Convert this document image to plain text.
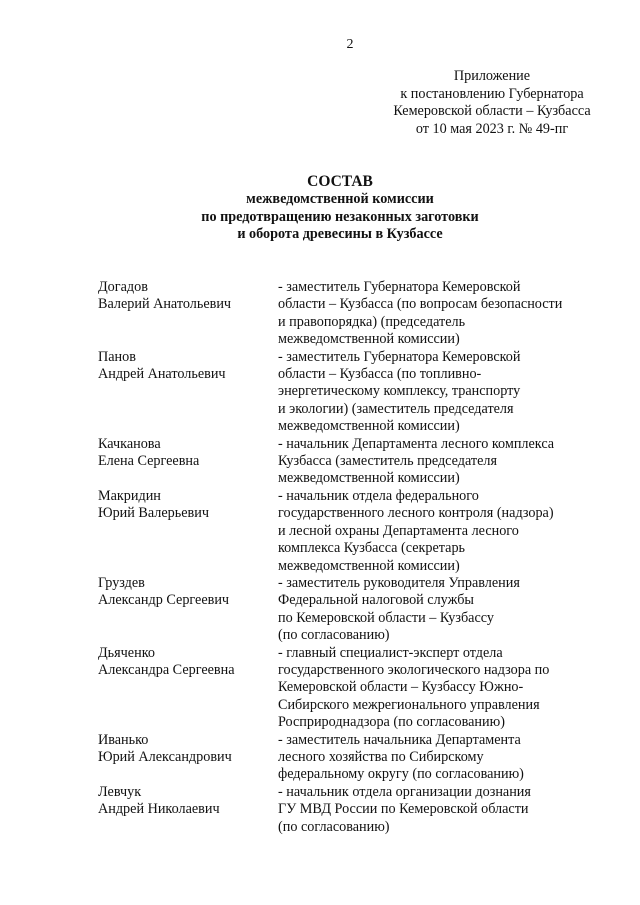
2
Приложение
к постановлению Губернатора
Кемеровской области – Кузбасса
от 10 мая 2023 г. № 49-пг
СОСТАВ
межведомственной комиссии
по предотвращению незаконных заготовки
и оборота древесины в Кузбассе
Догадов
Валерий Анатольевич
- заместитель Губернатора Кемеровской
области – Кузбасса (по вопросам безопасности
и правопорядка) (председатель
межведомственной комиссии)
Панов
Андрей Анатольевич
- заместитель Губернатора Кемеровской
области – Кузбасса (по топливно-
энергетическому комплексу, транспорту
и экологии) (заместитель председателя
межведомственной комиссии)
Качканова
Елена Сергеевна
- начальник Департамента лесного комплекса
Кузбасса (заместитель председателя
межведомственной комиссии)
Макридин
Юрий Валерьевич
- начальник отдела федерального
государственного лесного контроля (надзора)
и лесной охраны Департамента лесного
комплекса Кузбасса (секретарь
межведомственной комиссии)
Груздев
Александр Сергеевич
- заместитель руководителя Управления
Федеральной налоговой службы
по Кемеровской области – Кузбассу
(по согласованию)
Дьяченко
Александра Сергеевна
- главный специалист-эксперт отдела
государственного экологического надзора по
Кемеровской области – Кузбассу Южно-
Сибирского межрегионального управления
Росприроднадзора (по согласованию)
Иванько
Юрий Александрович
- заместитель начальника Департамента
лесного хозяйства по Сибирскому
федеральному округу (по согласованию)
Левчук
Андрей Николаевич
- начальник отдела организации дознания
ГУ МВД России по Кемеровской области
(по согласованию)
